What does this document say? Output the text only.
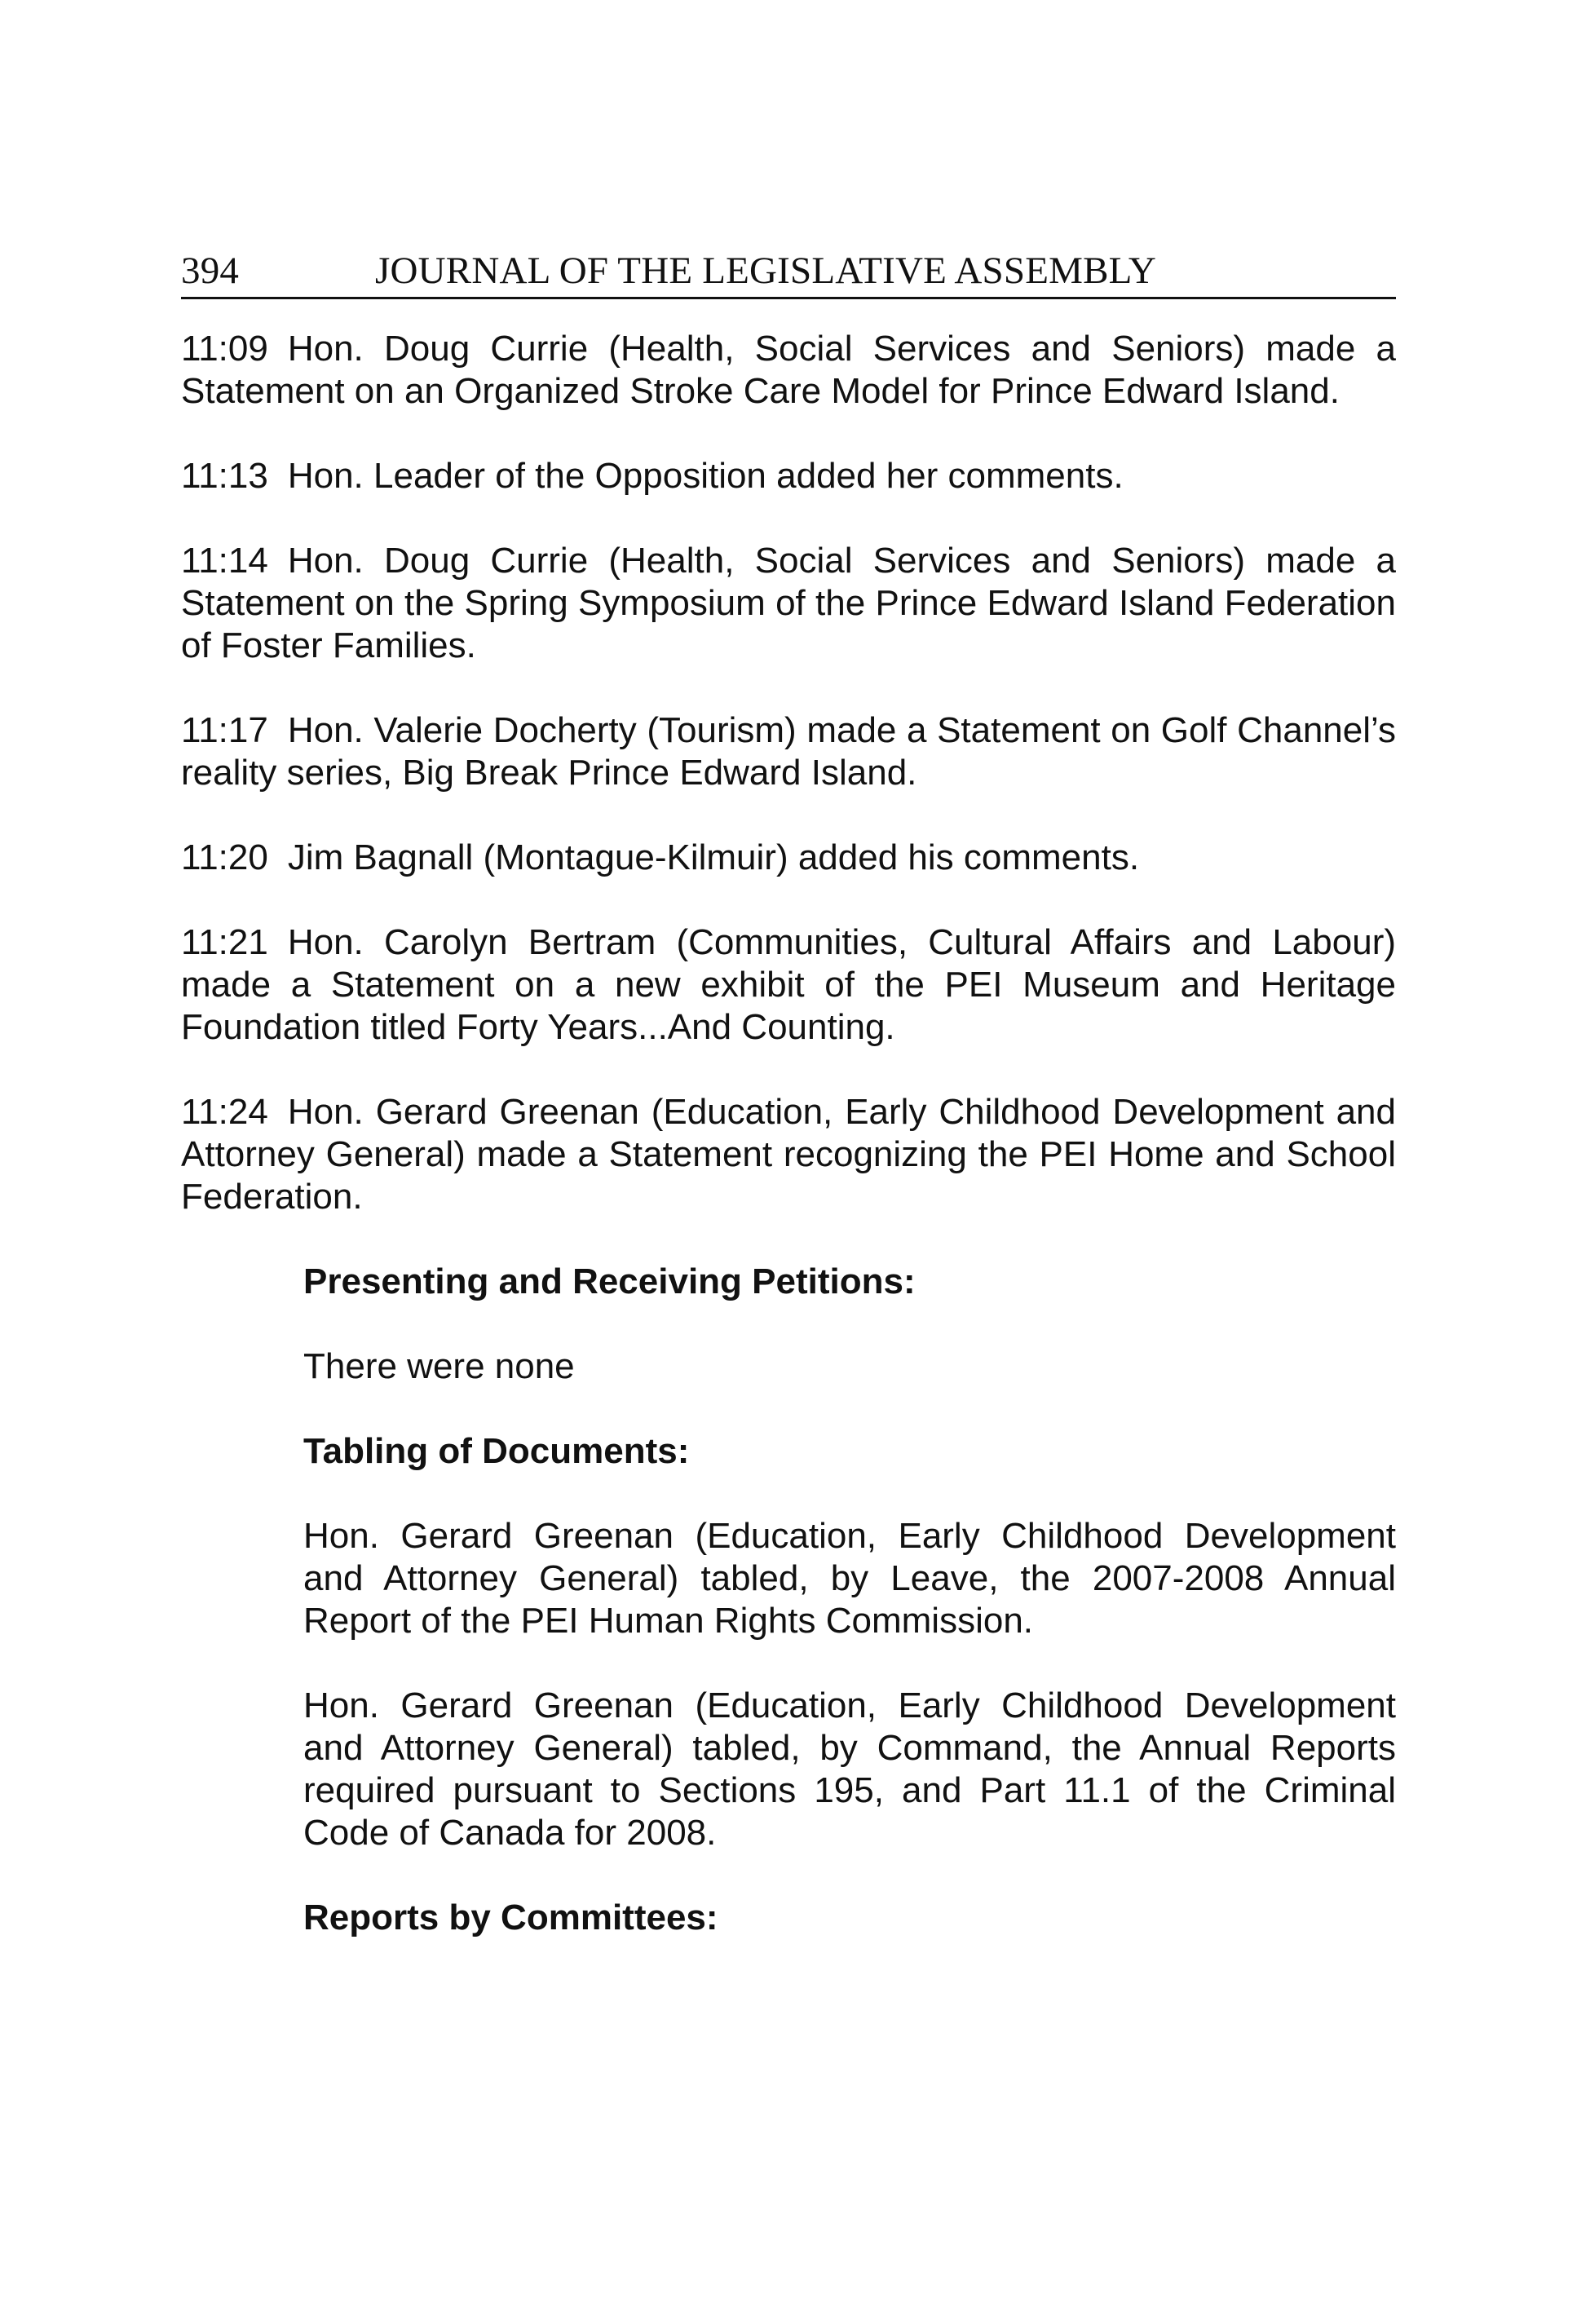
394	JOURNAL OF THE LEGISLATIVE ASSEMBLY

11:09 Hon. Doug Currie (Health, Social Services and Seniors) made a Statement on an Organized Stroke Care Model for Prince Edward Island.

11:13 Hon. Leader of the Opposition added her comments.

11:14 Hon. Doug Currie (Health, Social Services and Seniors) made a Statement on the Spring Symposium of the Prince Edward Island Federation of Foster Families.

11:17 Hon. Valerie Docherty (Tourism) made a Statement on Golf Channel’s reality series, Big Break Prince Edward Island.

11:20 Jim Bagnall (Montague-Kilmuir) added his comments.

11:21 Hon. Carolyn Bertram (Communities, Cultural Affairs and Labour) made a Statement on a new exhibit of the PEI Museum and Heritage Foundation titled Forty Years...And Counting.

11:24 Hon. Gerard Greenan (Education, Early Childhood Development and Attorney General) made a Statement recognizing the PEI Home and School Federation.

Presenting and Receiving Petitions:

There were none

Tabling of Documents:

Hon. Gerard Greenan (Education, Early Childhood Development and Attorney General) tabled, by Leave, the 2007-2008 Annual Report of the PEI Human Rights Commission.

Hon. Gerard Greenan (Education, Early Childhood Development and Attorney General) tabled, by Command, the Annual Reports required pursuant to Sections 195, and Part 11.1 of the Criminal Code of Canada for 2008.

Reports by Committees:
